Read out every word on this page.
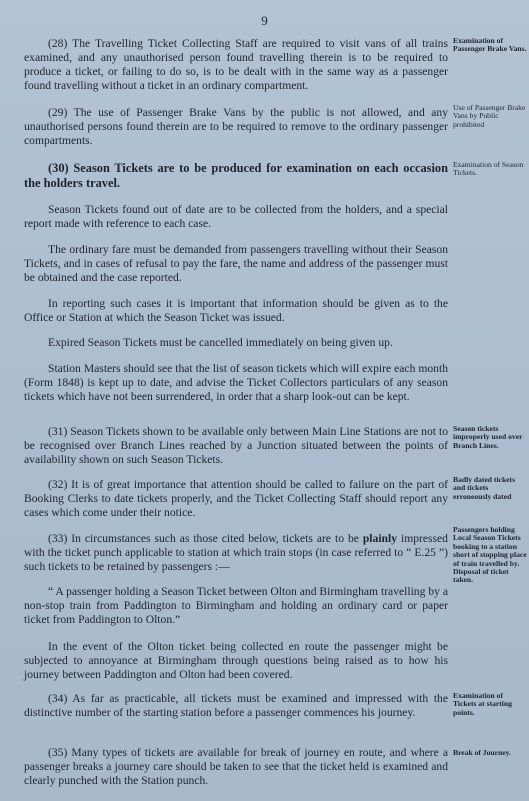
9

(28) The Travelling Ticket Collecting Staff are required to visit vans of all trains examined, and any unauthorised person found travelling therein is to be required to produce a ticket, or failing to do so, is to be dealt with in the same way as a passenger found travelling without a ticket in an ordinary compartment.

Examination of Passenger Brake Vans.

(29) The use of Passenger Brake Vans by the public is not allowed, and any unauthorised persons found therein are to be required to remove to the ordinary passenger compartments.

Use of Passenger Brake Vans by Public prohibited

(30) Season Tickets are to be produced for examination on each occasion the holders travel.

Examination of Season Tickets.

Season Tickets found out of date are to be collected from the holders, and a special report made with reference to each case.

The ordinary fare must be demanded from passengers travelling without their Season Tickets, and in cases of refusal to pay the fare, the name and address of the passenger must be obtained and the case reported.

In reporting such cases it is important that information should be given as to the Office or Station at which the Season Ticket was issued.

Expired Season Tickets must be cancelled immediately on being given up.

Station Masters should see that the list of season tickets which will expire each month (Form 1848) is kept up to date, and advise the Ticket Collectors particulars of any season tickets which have not been surrendered, in order that a sharp look-out can be kept.

(31) Season Tickets shown to be available only between Main Line Stations are not to be recognised over Branch Lines reached by a Junction situated between the points of availability shown on such Season Tickets.

Season tickets improperly used over Branch Lines.

(32) It is of great importance that attention should be called to failure on the part of Booking Clerks to date tickets properly, and the Ticket Collecting Staff should report any cases which come under their notice.

Badly dated tickets and tickets erroneously dated

(33) In circumstances such as those cited below, tickets are to be plainly impressed with the ticket punch applicable to station at which train stops (in case referred to “ E.25 ”) such tickets to be retained by passengers :—

Passengers holding Local Season Tickets booking to a station short of stopping place of train travelled by. Disposal of ticket taken.

“ A passenger holding a Season Ticket between Olton and Birmingham travelling by a non-stop train from Paddington to Birmingham and holding an ordinary card or paper ticket from Paddington to Olton.”

In the event of the Olton ticket being collected en route the passenger might be subjected to annoyance at Birmingham through questions being raised as to how his journey between Paddington and Olton had been covered.

(34) As far as practicable, all tickets must be examined and impressed with the distinctive number of the starting station before a passenger commences his journey.

Examination of Tickets at starting points.

(35) Many types of tickets are available for break of journey en route, and where a passenger breaks a journey care should be taken to see that the ticket held is examined and clearly punched with the Station punch.

Break of Journey.
